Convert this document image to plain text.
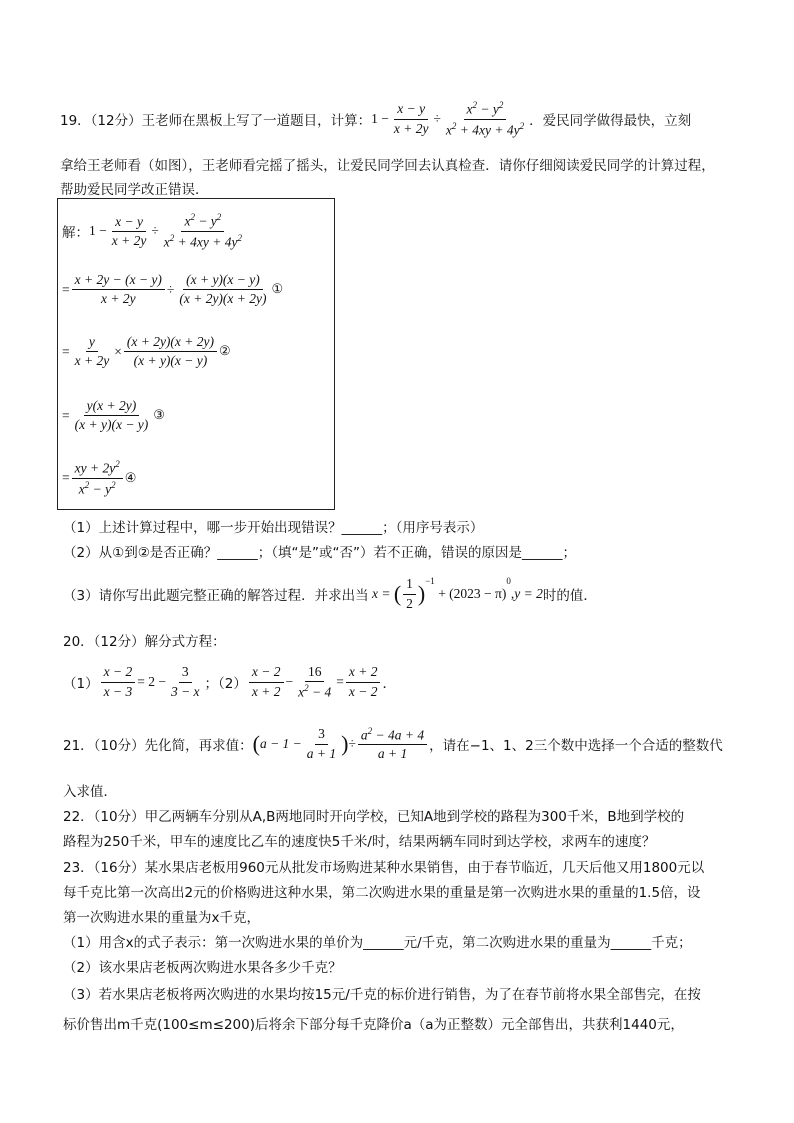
19．（12分）王老师在黑板上写了一道题目，计算： $1 - \frac{x - y}{x + 2y} \div \frac{x^2 - y^2}{x^2 + 4xy + 4y^2}$ ．爱民同学做得最快，立刻
拿给王老师看（如图），王老师看完摇了摇头，让爱民同学回去认真检查．请你仔细阅读爱民同学的计算过程，
帮助爱民同学改正错误．
解： $1 - \frac{x - y}{x + 2y} \div \frac{x^2 - y^2}{x^2 + 4xy + 4y^2}$
= $\frac{x + 2y - (x - y)}{x + 2y} \div \frac{(x + y)(x - y)}{(x + 2y)(x + 2y)}$ ①
= $\frac{y}{x + 2y} \times \frac{(x + 2y)(x + 2y)}{(x + y)(x - y)}$ ②
= $\frac{y(x + 2y)}{(x + y)(x - y)}$ ③
= $\frac{xy + 2y^2}{x^2 - y^2}$ ④
（1）上述计算过程中，哪一步开始出现错误？______；（用序号表示）
（2）从①到②是否正确？______；（填“是”或“否”）若不正确，错误的原因是______；
（3）请你写出此题完整正确的解答过程．并求出当 x = ( $\frac{1}{2}$ ) −1
+ (2023 − π)
0
, y = 2 时的值．
20．（12分）解分式方程：
$(1) \frac{x - 2}{x - 3} = 2 - \frac{3}{3 - x}$ ；$(2) \frac{x - 2}{x + 2} - \frac{16}{x^2 - 4} = \frac{x + 2}{x - 2}$ ．
21．（10分）先化简，再求值： ( $a - 1 - \frac{3}{a + 1}$ ) ÷ $\frac{a^2 - 4a + 4}{a + 1}$ ，请在−1、1、2三个数中选择一个合适的整数代
入求值．
22．（10分）甲乙两辆车分别从A,B两地同时开向学校，已知A地到学校的路程为300千米，B地到学校的
路程为250千米，甲车的速度比乙车的速度快5千米/时，结果两辆车同时到达学校，求两车的速度？
23．（16分）某水果店老板用960元从批发市场购进某种水果销售，由于春节临近，几天后他又用1800元以
每千克比第一次高出2元的价格购进这种水果，第二次购进水果的重量是第一次购进水果的重量的1.5倍，设
第一次购进水果的重量为x千克，
（1）用含x的式子表示：第一次购进水果的单价为______元/千克，第二次购进水果的重量为______千克；
（2）该水果店老板两次购进水果各多少千克？
（3）若水果店老板将两次购进的水果均按15元/千克的标价进行销售，为了在春节前将水果全部售完，在按
标价售出m千克(100≤m≤200)后将余下部分每千克降价a（a为正整数）元全部售出，共获利1440元，
